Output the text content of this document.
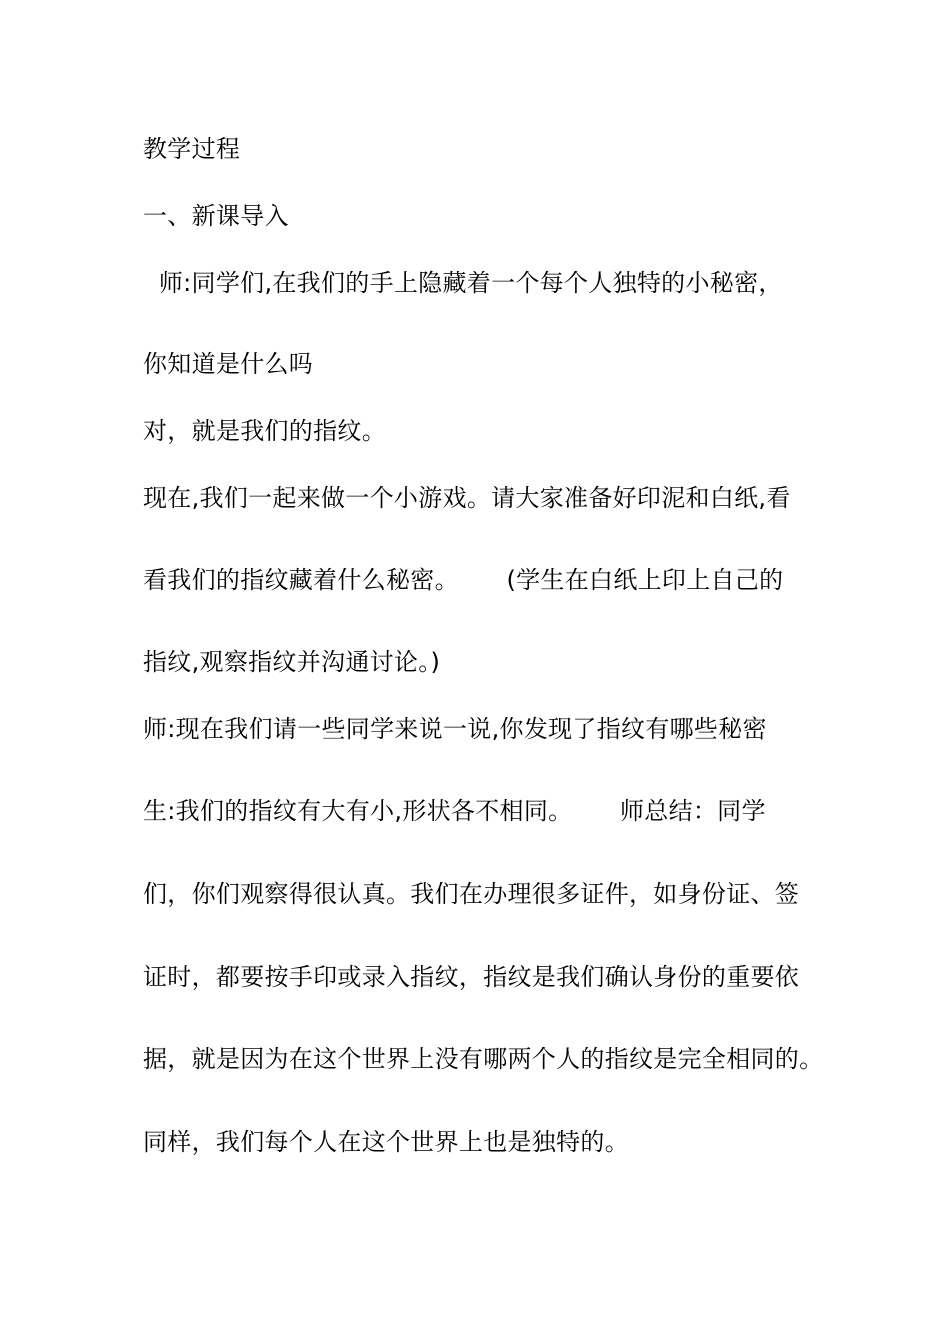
教学过程
一、新课导入
师:同学们,在我们的手上隐藏着一个每个人独特的小秘密，
你知道是什么吗
对，就是我们的指纹。
现在,我们一起来做一个小游戏。请大家准备好印泥和白纸,看
看我们的指纹藏着什么秘密。      (学生在白纸上印上自己的
指纹,观察指纹并沟通讨论。)
师:现在我们请一些同学来说一说,你发现了指纹有哪些秘密
生:我们的指纹有大有小,形状各不相同。      师总结：同学
们，你们观察得很认真。我们在办理很多证件，如身份证、签
证时，都要按手印或录入指纹，指纹是我们确认身份的重要依
据，就是因为在这个世界上没有哪两个人的指纹是完全相同的。
同样，我们每个人在这个世界上也是独特的。
